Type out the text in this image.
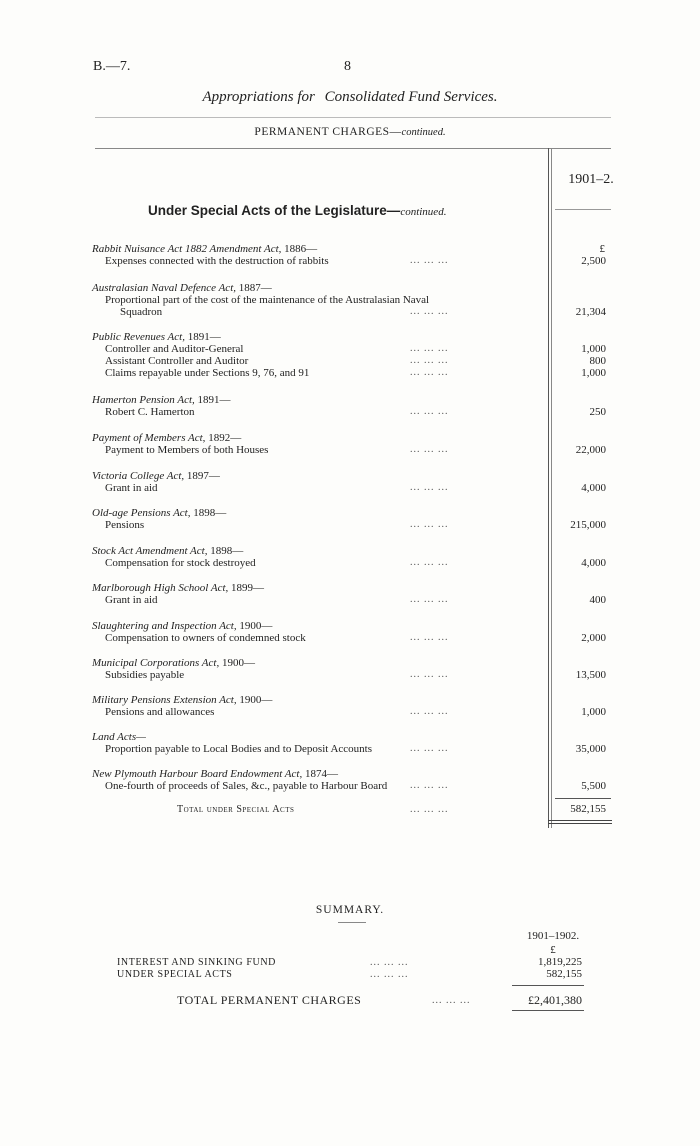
B.—7.	8
Appropriations for Consolidated Fund Services.
PERMANENT CHARGES—continued.
1901–2.
Under Special Acts of the Legislature—continued.
£
Rabbit Nuisance Act 1882 Amendment Act, 1886—
Expenses connected with the destruction of rabbits	... ... ...	2,500
Australasian Naval Defence Act, 1887—
Proportional part of the cost of the maintenance of the Australasian Naval
Squadron	... ... ...	21,304
Public Revenues Act, 1891—
Controller and Auditor-General	... ... ...	1,000
Assistant Controller and Auditor	... ... ...	800
Claims repayable under Sections 9, 76, and 91	... ... ...	1,000
Hamerton Pension Act, 1891—
Robert C. Hamerton	... ... ...	250
Payment of Members Act, 1892—
Payment to Members of both Houses	... ... ...	22,000
Victoria College Act, 1897—
Grant in aid	... ... ...	4,000
Old-age Pensions Act, 1898—
Pensions	... ... ...	215,000
Stock Act Amendment Act, 1898—
Compensation for stock destroyed	... ... ...	4,000
Marlborough High School Act, 1899—
Grant in aid	... ... ...	400
Slaughtering and Inspection Act, 1900—
Compensation to owners of condemned stock	... ... ...	2,000
Municipal Corporations Act, 1900—
Subsidies payable	... ... ...	13,500
Military Pensions Extension Act, 1900—
Pensions and allowances	... ... ...	1,000
Land Acts—
Proportion payable to Local Bodies and to Deposit Accounts	... ... ...	35,000
New Plymouth Harbour Board Endowment Act, 1874—
One-fourth of proceeds of Sales, &c., payable to Harbour Board ... ... ...	5,500
Total under Special Acts	... ... ...	582,155
SUMMARY.
1901–1902.
£
INTEREST AND SINKING FUND	... ... ...	1,819,225
UNDER SPECIAL ACTS	... ... ...	582,155
TOTAL PERMANENT CHARGES	... ... ...	£2,401,380
